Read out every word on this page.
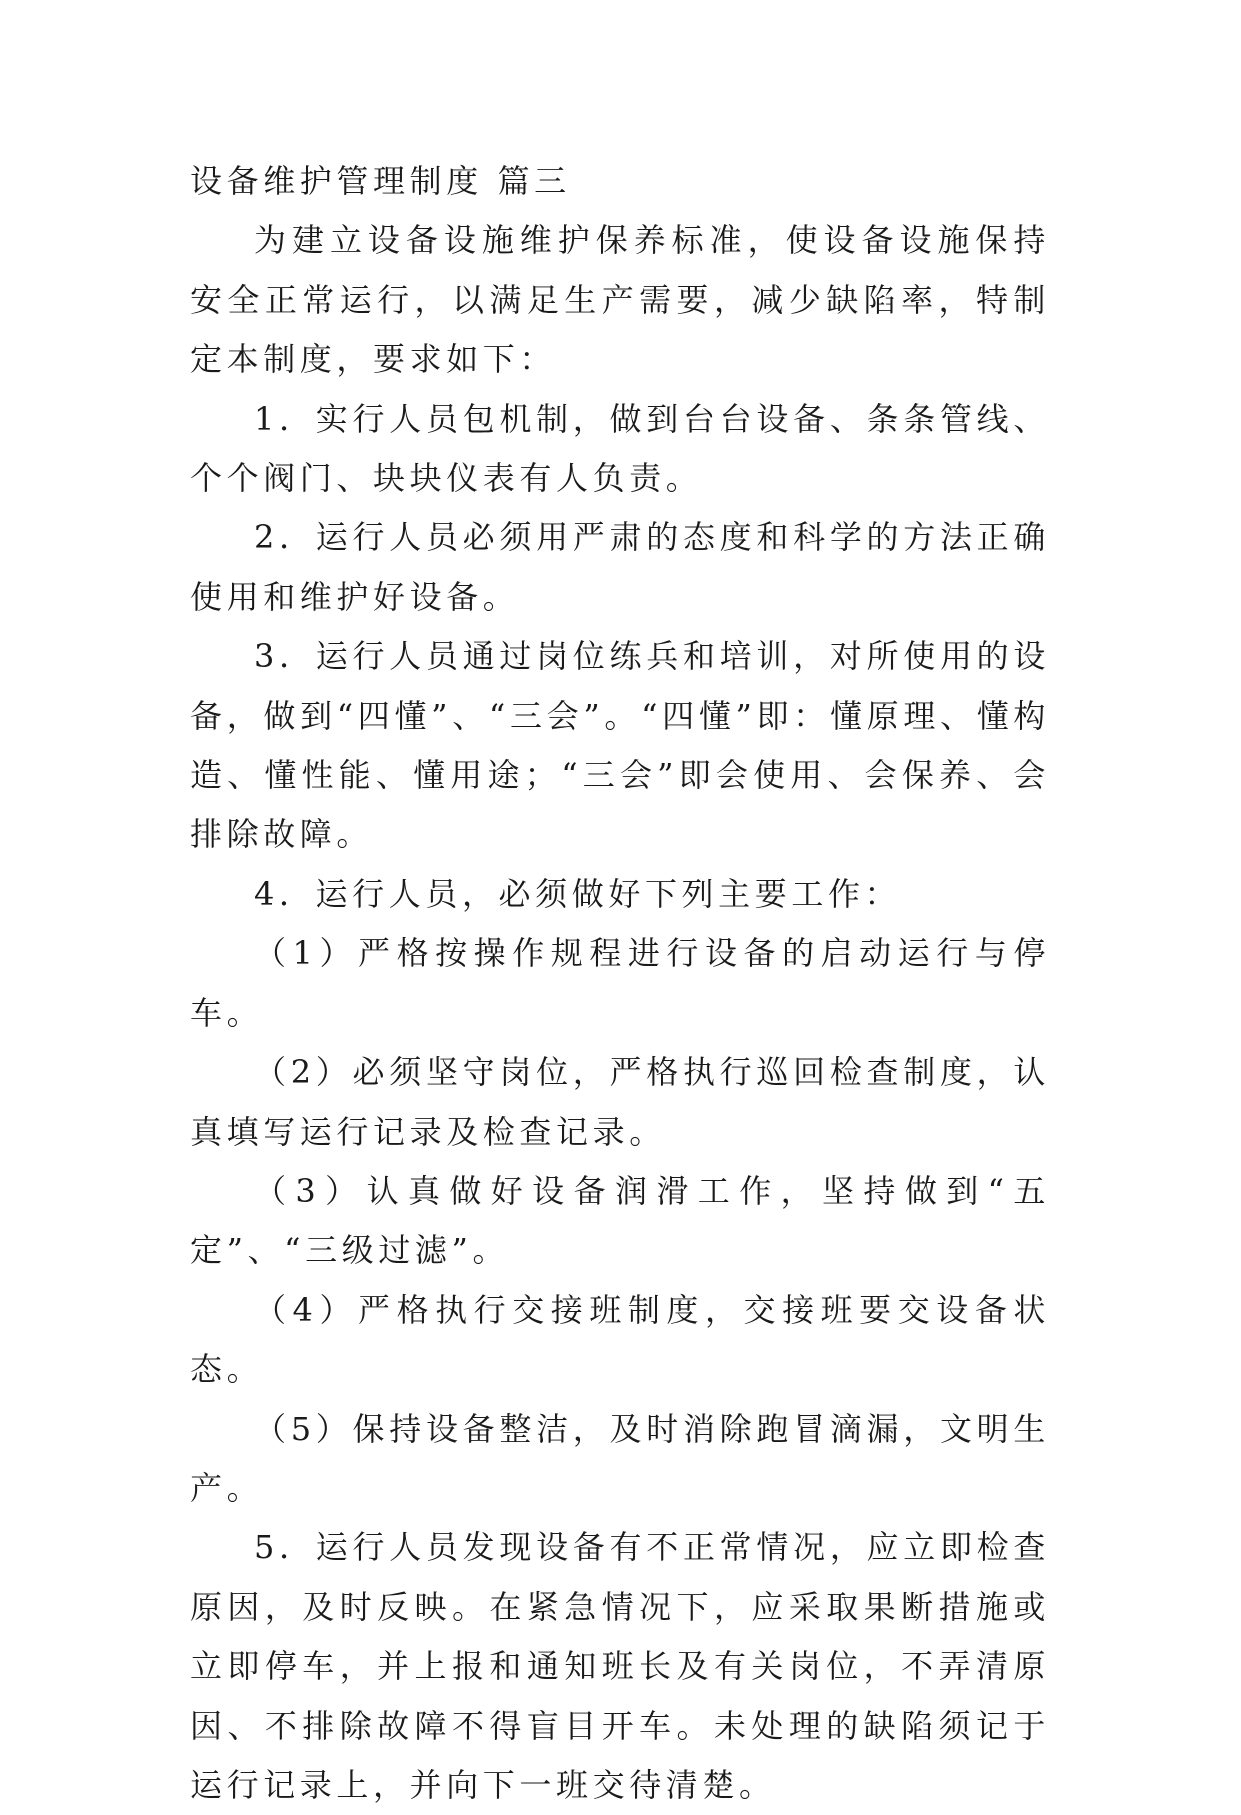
设备维护管理制度 篇三

为建立设备设施维护保养标准，使设备设施保持安全正常运行，以满足生产需要，减少缺陷率，特制定本制度，要求如下：

1．实行人员包机制，做到台台设备、条条管线、个个阀门、块块仪表有人负责。

2．运行人员必须用严肃的态度和科学的方法正确使用和维护好设备。

3．运行人员通过岗位练兵和培训，对所使用的设备，做到“四懂”、“三会”。“四懂”即：懂原理、懂构造、懂性能、懂用途；“三会”即会使用、会保养、会排除故障。

4．运行人员，必须做好下列主要工作：

（1）严格按操作规程进行设备的启动运行与停车。

（2）必须坚守岗位，严格执行巡回检查制度，认真填写运行记录及检查记录。

（3）认真做好设备润滑工作，坚持做到“五定”、“三级过滤”。

（4）严格执行交接班制度，交接班要交设备状态。

（5）保持设备整洁，及时消除跑冒滴漏，文明生产。

5．运行人员发现设备有不正常情况，应立即检查原因，及时反映。在紧急情况下，应采取果断措施或立即停车，并上报和通知班长及有关岗位，不弄清原因、不排除故障不得盲目开车。未处理的缺陷须记于运行记录上，并向下一班交待清楚。
